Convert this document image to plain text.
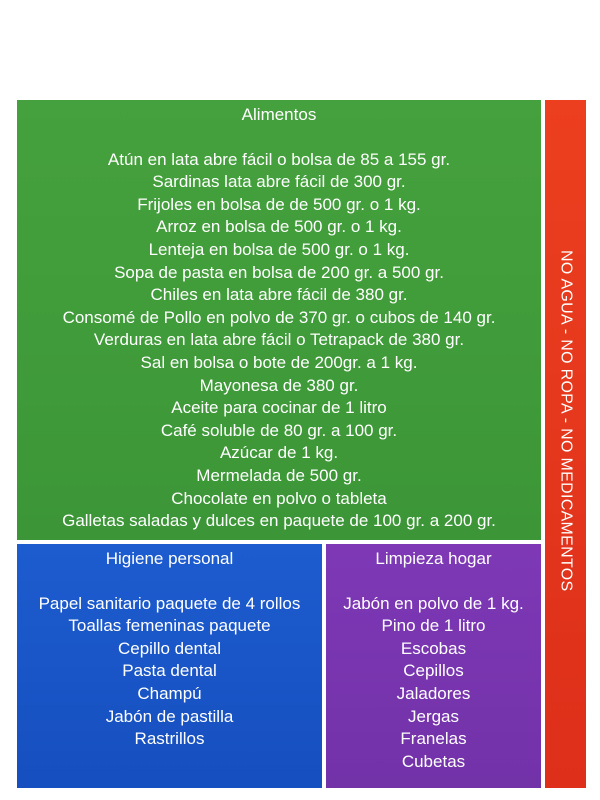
Alimentos
Atún en lata abre fácil o bolsa de 85 a 155 gr.
Sardinas lata abre fácil de 300 gr.
Frijoles en bolsa de de 500 gr. o 1 kg.
Arroz en bolsa de 500 gr. o 1 kg.
Lenteja en bolsa de 500 gr. o 1 kg.
Sopa de pasta en bolsa de 200 gr. a 500 gr.
Chiles en lata abre fácil de 380 gr.
Consomé de Pollo en polvo de 370 gr. o cubos de 140 gr.
Verduras en lata abre fácil o Tetrapack de 380 gr.
Sal en bolsa o bote de 200gr. a 1 kg.
Mayonesa de 380 gr.
Aceite para cocinar de 1 litro
Café soluble de 80 gr. a 100 gr.
Azúcar de 1 kg.
Mermelada de 500 gr.
Chocolate en polvo o tableta
Galletas saladas y dulces en paquete de 100 gr. a 200 gr.
Higiene personal
Papel sanitario paquete de 4 rollos
Toallas femeninas paquete
Cepillo dental
Pasta dental
Champú
Jabón de pastilla
Rastrillos
Limpieza hogar
Jabón en polvo de 1 kg.
Pino de 1 litro
Escobas
Cepillos
Jaladores
Jergas
Franelas
Cubetas
NO AGUA - NO ROPA - NO MEDICAMENTOS
